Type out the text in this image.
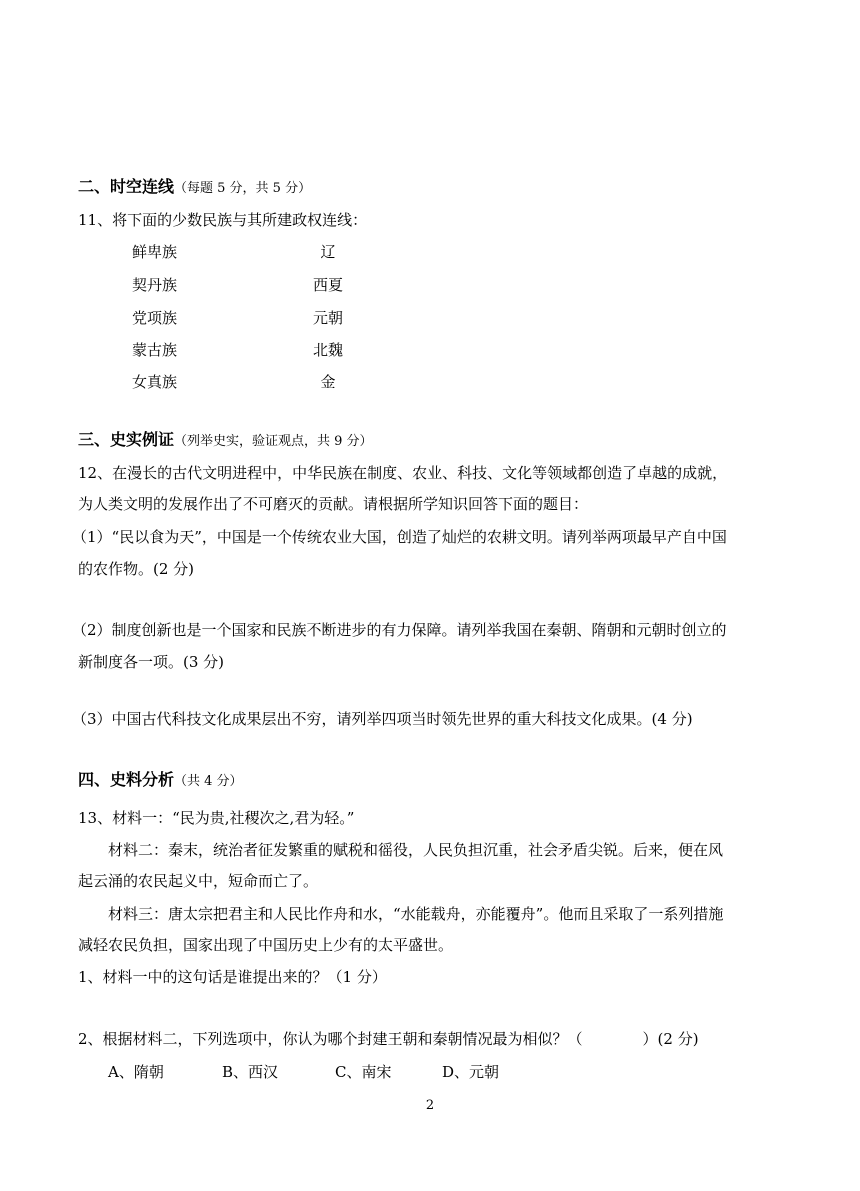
二、时空连线（每题 5 分，共 5 分）
11、将下面的少数民族与其所建政权连线：
鲜卑族	辽
契丹族	西夏
党项族	元朝
蒙古族	北魏
女真族	金
三、史实例证（列举史实，验证观点，共 9 分）
12、在漫长的古代文明进程中，中华民族在制度、农业、科技、文化等领域都创造了卓越的成就，
为人类文明的发展作出了不可磨灭的贡献。请根据所学知识回答下面的题目：
（1）“民以食为天”，中国是一个传统农业大国，创造了灿烂的农耕文明。请列举两项最早产自中国
的农作物。(2 分)
（2）制度创新也是一个国家和民族不断进步的有力保障。请列举我国在秦朝、隋朝和元朝时创立的
新制度各一项。(3 分)
（3）中国古代科技文化成果层出不穷，请列举四项当时领先世界的重大科技文化成果。(4 分)
四、史料分析（共 4 分）
13、材料一：“民为贵,社稷次之,君为轻。”
材料二：秦末，统治者征发繁重的赋税和徭役，人民负担沉重，社会矛盾尖锐。后来，便在风
起云涌的农民起义中，短命而亡了。
材料三：唐太宗把君主和人民比作舟和水，“水能载舟，亦能覆舟”。他而且采取了一系列措施
减轻农民负担，国家出现了中国历史上少有的太平盛世。
1、材料一中的这句话是谁提出来的？（1 分）
2、根据材料二，下列选项中，你认为哪个封建王朝和秦朝情况最为相似？（　　　　）(2 分)
A、隋朝	B、西汉	C、南宋	D、元朝
2
